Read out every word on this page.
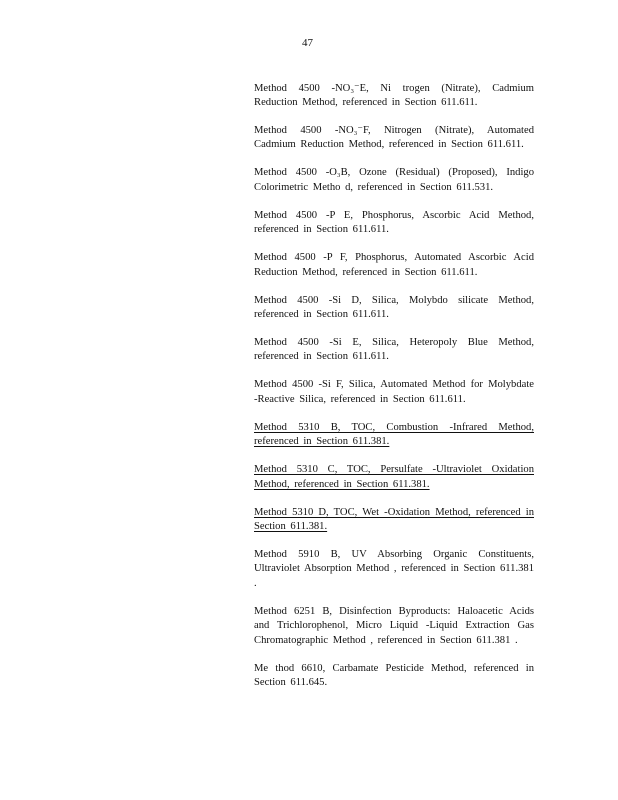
47

Method 4500 -NO₃⁻E, Ni trogen (Nitrate), Cadmium Reduction Method, referenced in Section 611.611.

Method 4500 -NO₃⁻F, Nitrogen (Nitrate), Automated Cadmium Reduction Method, referenced in Section 611.611.

Method 4500 -O₃B, Ozone (Residual) (Proposed), Indigo Colorimetric Metho d, referenced in Section 611.531.

Method 4500 -P E, Phosphorus, Ascorbic Acid Method, referenced in Section 611.611.

Method 4500 -P F, Phosphorus, Automated Ascorbic Acid Reduction Method, referenced in Section 611.611.

Method 4500 -Si D, Silica, Molybdo silicate Method, referenced in Section 611.611.

Method 4500 -Si E, Silica, Heteropoly Blue Method, referenced in Section 611.611.

Method 4500 -Si F, Silica, Automated Method for Molybdate -Reactive Silica, referenced in Section 611.611.

Method 5310 B, TOC, Combustion -Infrared Method, referenced in Section 611.381.

Method 5310 C, TOC, Persulfate -Ultraviolet Oxidation Method, referenced in Section 611.381.

Method 5310 D, TOC, Wet -Oxidation Method, referenced in Section 611.381.

Method 5910 B, UV Absorbing Organic Constituents, Ultraviolet Absorption Method , referenced in Section 611.381 .

Method 6251 B, Disinfection Byproducts: Haloacetic Acids and Trichlorophenol, Micro Liquid -Liquid Extraction Gas Chromatographic Method , referenced in Section 611.381 .

Me thod 6610, Carbamate Pesticide Method, referenced in Section 611.645.
